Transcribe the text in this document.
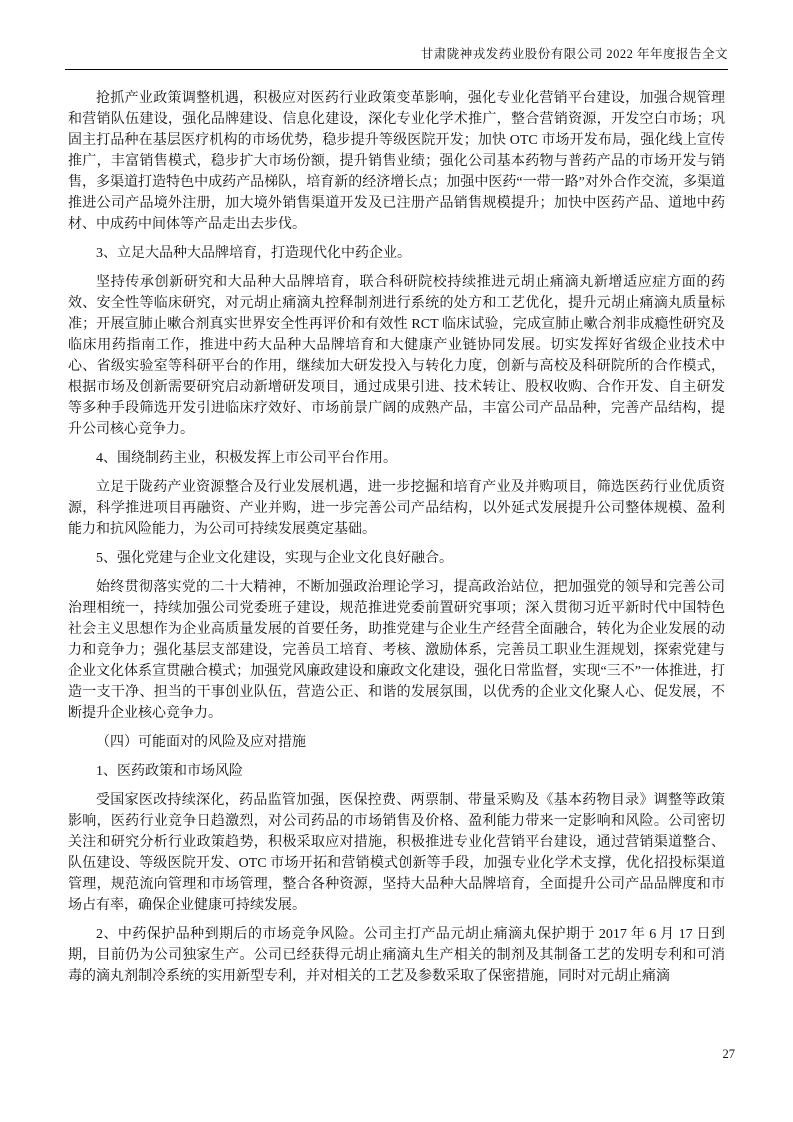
甘肃陇神戎发药业股份有限公司 2022 年年度报告全文

抢抓产业政策调整机遇，积极应对医药行业政策变革影响，强化专业化营销平台建设，加强合规管理和营销队伍建设，强化品牌建设、信息化建设，深化专业化学术推广，整合营销资源，开发空白市场；巩固主打品种在基层医疗机构的市场优势，稳步提升等级医院开发；加快 OTC 市场开发布局，强化线上宣传推广，丰富销售模式，稳步扩大市场份额，提升销售业绩；强化公司基本药物与普药产品的市场开发与销售，多渠道打造特色中成药产品梯队，培育新的经济增长点；加强中医药“一带一路”对外合作交流，多渠道推进公司产品境外注册，加大境外销售渠道开发及已注册产品销售规模提升；加快中医药产品、道地中药材、中成药中间体等产品走出去步伐。

3、立足大品种大品牌培育，打造现代化中药企业。

坚持传承创新研究和大品种大品牌培育，联合科研院校持续推进元胡止痛滴丸新增适应症方面的药效、安全性等临床研究，对元胡止痛滴丸控释制剂进行系统的处方和工艺优化，提升元胡止痛滴丸质量标准；开展宣肺止嗽合剂真实世界安全性再评价和有效性 RCT 临床试验，完成宣肺止嗽合剂非成瘾性研究及临床用药指南工作，推进中药大品种大品牌培育和大健康产业链协同发展。切实发挥好省级企业技术中心、省级实验室等科研平台的作用，继续加大研发投入与转化力度，创新与高校及科研院所的合作模式，根据市场及创新需要研究启动新增研发项目，通过成果引进、技术转让、股权收购、合作开发、自主研发等多种手段筛选开发引进临床疗效好、市场前景广阔的成熟产品，丰富公司产品品种，完善产品结构，提升公司核心竞争力。

4、围绕制药主业，积极发挥上市公司平台作用。

立足于陇药产业资源整合及行业发展机遇，进一步挖掘和培育产业及并购项目，筛选医药行业优质资源，科学推进项目再融资、产业并购，进一步完善公司产品结构，以外延式发展提升公司整体规模、盈利能力和抗风险能力，为公司可持续发展奠定基础。

5、强化党建与企业文化建设，实现与企业文化良好融合。

始终贯彻落实党的二十大精神，不断加强政治理论学习，提高政治站位，把加强党的领导和完善公司治理相统一，持续加强公司党委班子建设，规范推进党委前置研究事项；深入贯彻习近平新时代中国特色社会主义思想作为企业高质量发展的首要任务，助推党建与企业生产经营全面融合，转化为企业发展的动力和竞争力；强化基层支部建设，完善员工培育、考核、激励体系，完善员工职业生涯规划，探索党建与企业文化体系宣贯融合模式；加强党风廉政建设和廉政文化建设，强化日常监督，实现“三不”一体推进，打造一支干净、担当的干事创业队伍，营造公正、和谐的发展氛围，以优秀的企业文化聚人心、促发展，不断提升企业核心竞争力。

（四）可能面对的风险及应对措施

1、医药政策和市场风险

受国家医改持续深化，药品监管加强，医保控费、两票制、带量采购及《基本药物目录》调整等政策影响，医药行业竞争日趋激烈，对公司药品的市场销售及价格、盈利能力带来一定影响和风险。公司密切关注和研究分析行业政策趋势，积极采取应对措施，积极推进专业化营销平台建设，通过营销渠道整合、队伍建设、等级医院开发、OTC 市场开拓和营销模式创新等手段，加强专业化学术支撑，优化招投标渠道管理，规范流向管理和市场管理，整合各种资源，坚持大品种大品牌培育，全面提升公司产品品牌度和市场占有率，确保企业健康可持续发展。

2、中药保护品种到期后的市场竞争风险。公司主打产品元胡止痛滴丸保护期于 2017 年 6 月 17 日到期，目前仍为公司独家生产。公司已经获得元胡止痛滴丸生产相关的制剂及其制备工艺的发明专利和可消毒的滴丸剂制冷系统的实用新型专利，并对相关的工艺及参数采取了保密措施，同时对元胡止痛滴

27
